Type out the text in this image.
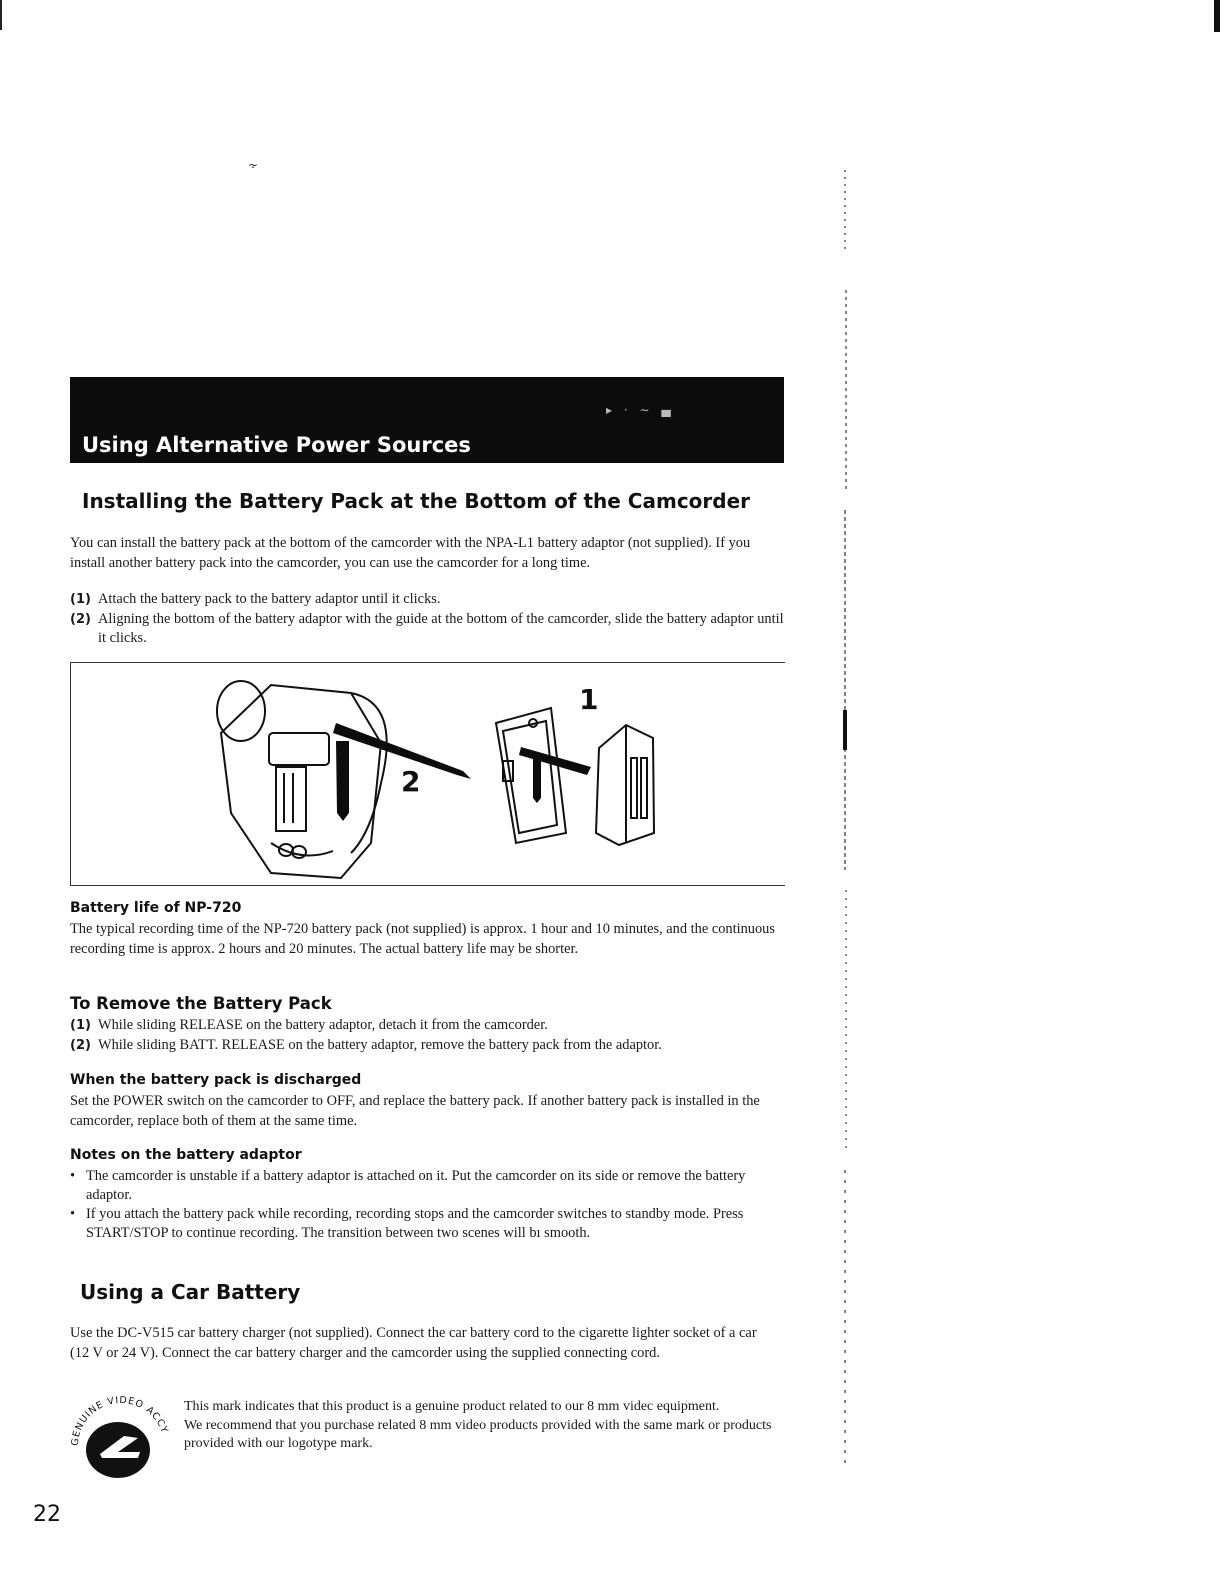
⸟
▸ · ∼ ▄
Using Alternative Power Sources
Installing the Battery Pack at the Bottom of the Camcorder

You can install the battery pack at the bottom of the camcorder with the NPA-L1 battery adaptor (not supplied). If you install another battery pack into the camcorder, you can use the camcorder for a long time.

(1) Attach the battery pack to the battery adaptor until it clicks.
(2) Aligning the bottom of the battery adaptor with the guide at the bottom of the camcorder, slide the battery adaptor until it clicks.
1
2
Battery life of NP-720

The typical recording time of the NP-720 battery pack (not supplied) is approx. 1 hour and 10 minutes, and the continuous recording time is approx. 2 hours and 20 minutes. The actual battery life may be shorter.

To Remove the Battery Pack
(1) While sliding RELEASE on the battery adaptor, detach it from the camcorder.
(2) While sliding BATT. RELEASE on the battery adaptor, remove the battery pack from the adaptor.
When the battery pack is discharged

Set the POWER switch on the camcorder to OFF, and replace the battery pack. If another battery pack is installed in the camcorder, replace both of them at the same time.

Notes on the battery adaptor
• The camcorder is unstable if a battery adaptor is attached on it. Put the camcorder on its side or remove the battery adaptor.
• If you attach the battery pack while recording, recording stops and the camcorder switches to standby mode. Press START/STOP to continue recording. The transition between two scenes will bı smooth.
Using a Car Battery

Use the DC-V515 car battery charger (not supplied). Connect the car battery cord to the cigarette lighter socket of a car (12 V or 24 V). Connect the car battery charger and the camcorder using the supplied connecting cord.

GENUINE VIDEO ACCY
This mark indicates that this product is a genuine product related to our 8 mm videc equipment.
We recommend that you purchase related 8 mm video products provided with the same mark or products provided with our logotype mark.
22
